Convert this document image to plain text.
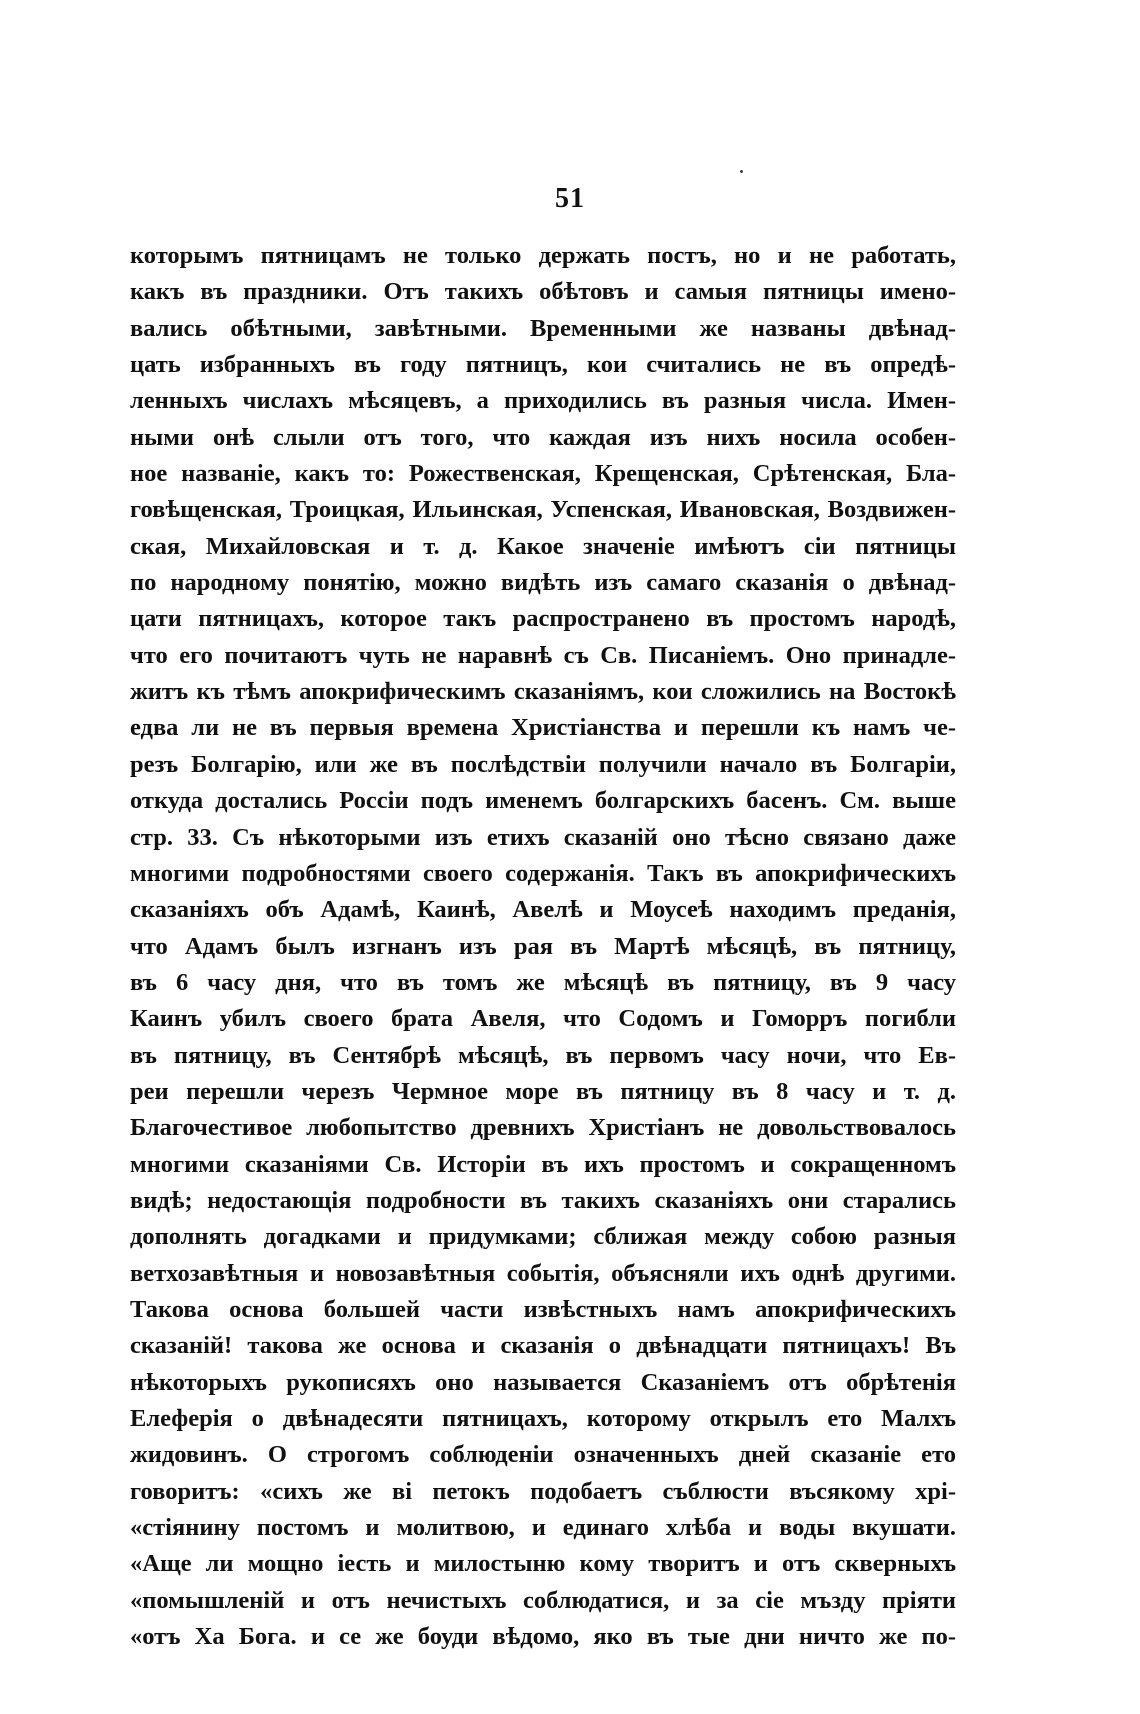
51
которымъ пятницамъ не только держать постъ, но и не работать,
какъ въ праздники. Отъ такихъ обѣтовъ и самыя пятницы имено-
вались обѣтными, завѣтными. Временными же названы двѣнад-
цать избранныхъ въ году пятницъ, кои считались не въ опредѣ-
ленныхъ числахъ мѣсяцевъ, а приходились въ разныя числа. Имен-
ными онѣ слыли отъ того, что каждая изъ нихъ носила особен-
ное названіе, какъ то: Рожественская, Крещенская, Срѣтенская, Бла-
говѣщенская, Троицкая, Ильинская, Успенская, Ивановская, Воздвижен-
ская, Михайловская и т. д. Какое значеніе имѣютъ сіи пятницы
по народному понятію, можно видѣть изъ самаго сказанія о двѣнад-
цати пятницахъ, которое такъ распространено въ простомъ народѣ,
что его почитаютъ чуть не наравнѣ съ Св. Писаніемъ. Оно принадле-
житъ къ тѣмъ апокрифическимъ сказаніямъ, кои сложились на Востокѣ
едва ли не въ первыя времена Христіанства и перешли къ намъ че-
резъ Болгарію, или же въ послѣдствіи получили начало въ Болгаріи,
откуда достались Россіи подъ именемъ болгарскихъ басенъ. См. выше
стр. 33. Съ нѣкоторыми изъ етихъ сказаній оно тѣсно связано даже
многими подробностями своего содержанія. Такъ въ апокрифическихъ
сказаніяхъ объ Адамѣ, Каинѣ, Авелѣ и Моусеѣ находимъ преданія,
что Адамъ былъ изгнанъ изъ рая въ Мартѣ мѣсяцѣ, въ пятницу,
въ 6 часу дня, что въ томъ же мѣсяцѣ въ пятницу, въ 9 часу
Каинъ убилъ своего брата Авеля, что Содомъ и Гоморръ погибли
въ пятницу, въ Сентябрѣ мѣсяцѣ, въ первомъ часу ночи, что Ев-
реи перешли черезъ Чермное море въ пятницу въ 8 часу и т. д.
Благочестивое любопытство древнихъ Христіанъ не довольствовалось
многими сказаніями Св. Исторіи въ ихъ простомъ и сокращенномъ
видѣ; недостающія подробности въ такихъ сказаніяхъ они старались
дополнять догадками и придумками; сближая между собою разныя
ветхозавѣтныя и новозавѣтныя событія, объясняли ихъ однѣ другими.
Такова основа большей части извѣстныхъ намъ апокрифическихъ
сказаній! такова же основа и сказанія о двѣнадцати пятницахъ! Въ
нѣкоторыхъ рукописяхъ оно называется Сказаніемъ отъ обрѣтенія
Елеферія о двѣнадесяти пятницахъ, которому открылъ ето Малхъ
жидовинъ. О строгомъ соблюденіи означенныхъ дней сказаніе ето
говоритъ: «сихъ же ві петокъ подобаетъ съблюсти въсякому хрі-
«стіянину постомъ и молитвою, и единаго хлѣба и воды вкушати.
«Аще ли мощно іесть и милостыню кому творитъ и отъ скверныхъ
«помышленій и отъ нечистыхъ соблюдатися, и за сіе мъзду пріяти
«отъ Ха Бога. и се же боуди вѣдомо, яко въ тые дни ничто же по-
